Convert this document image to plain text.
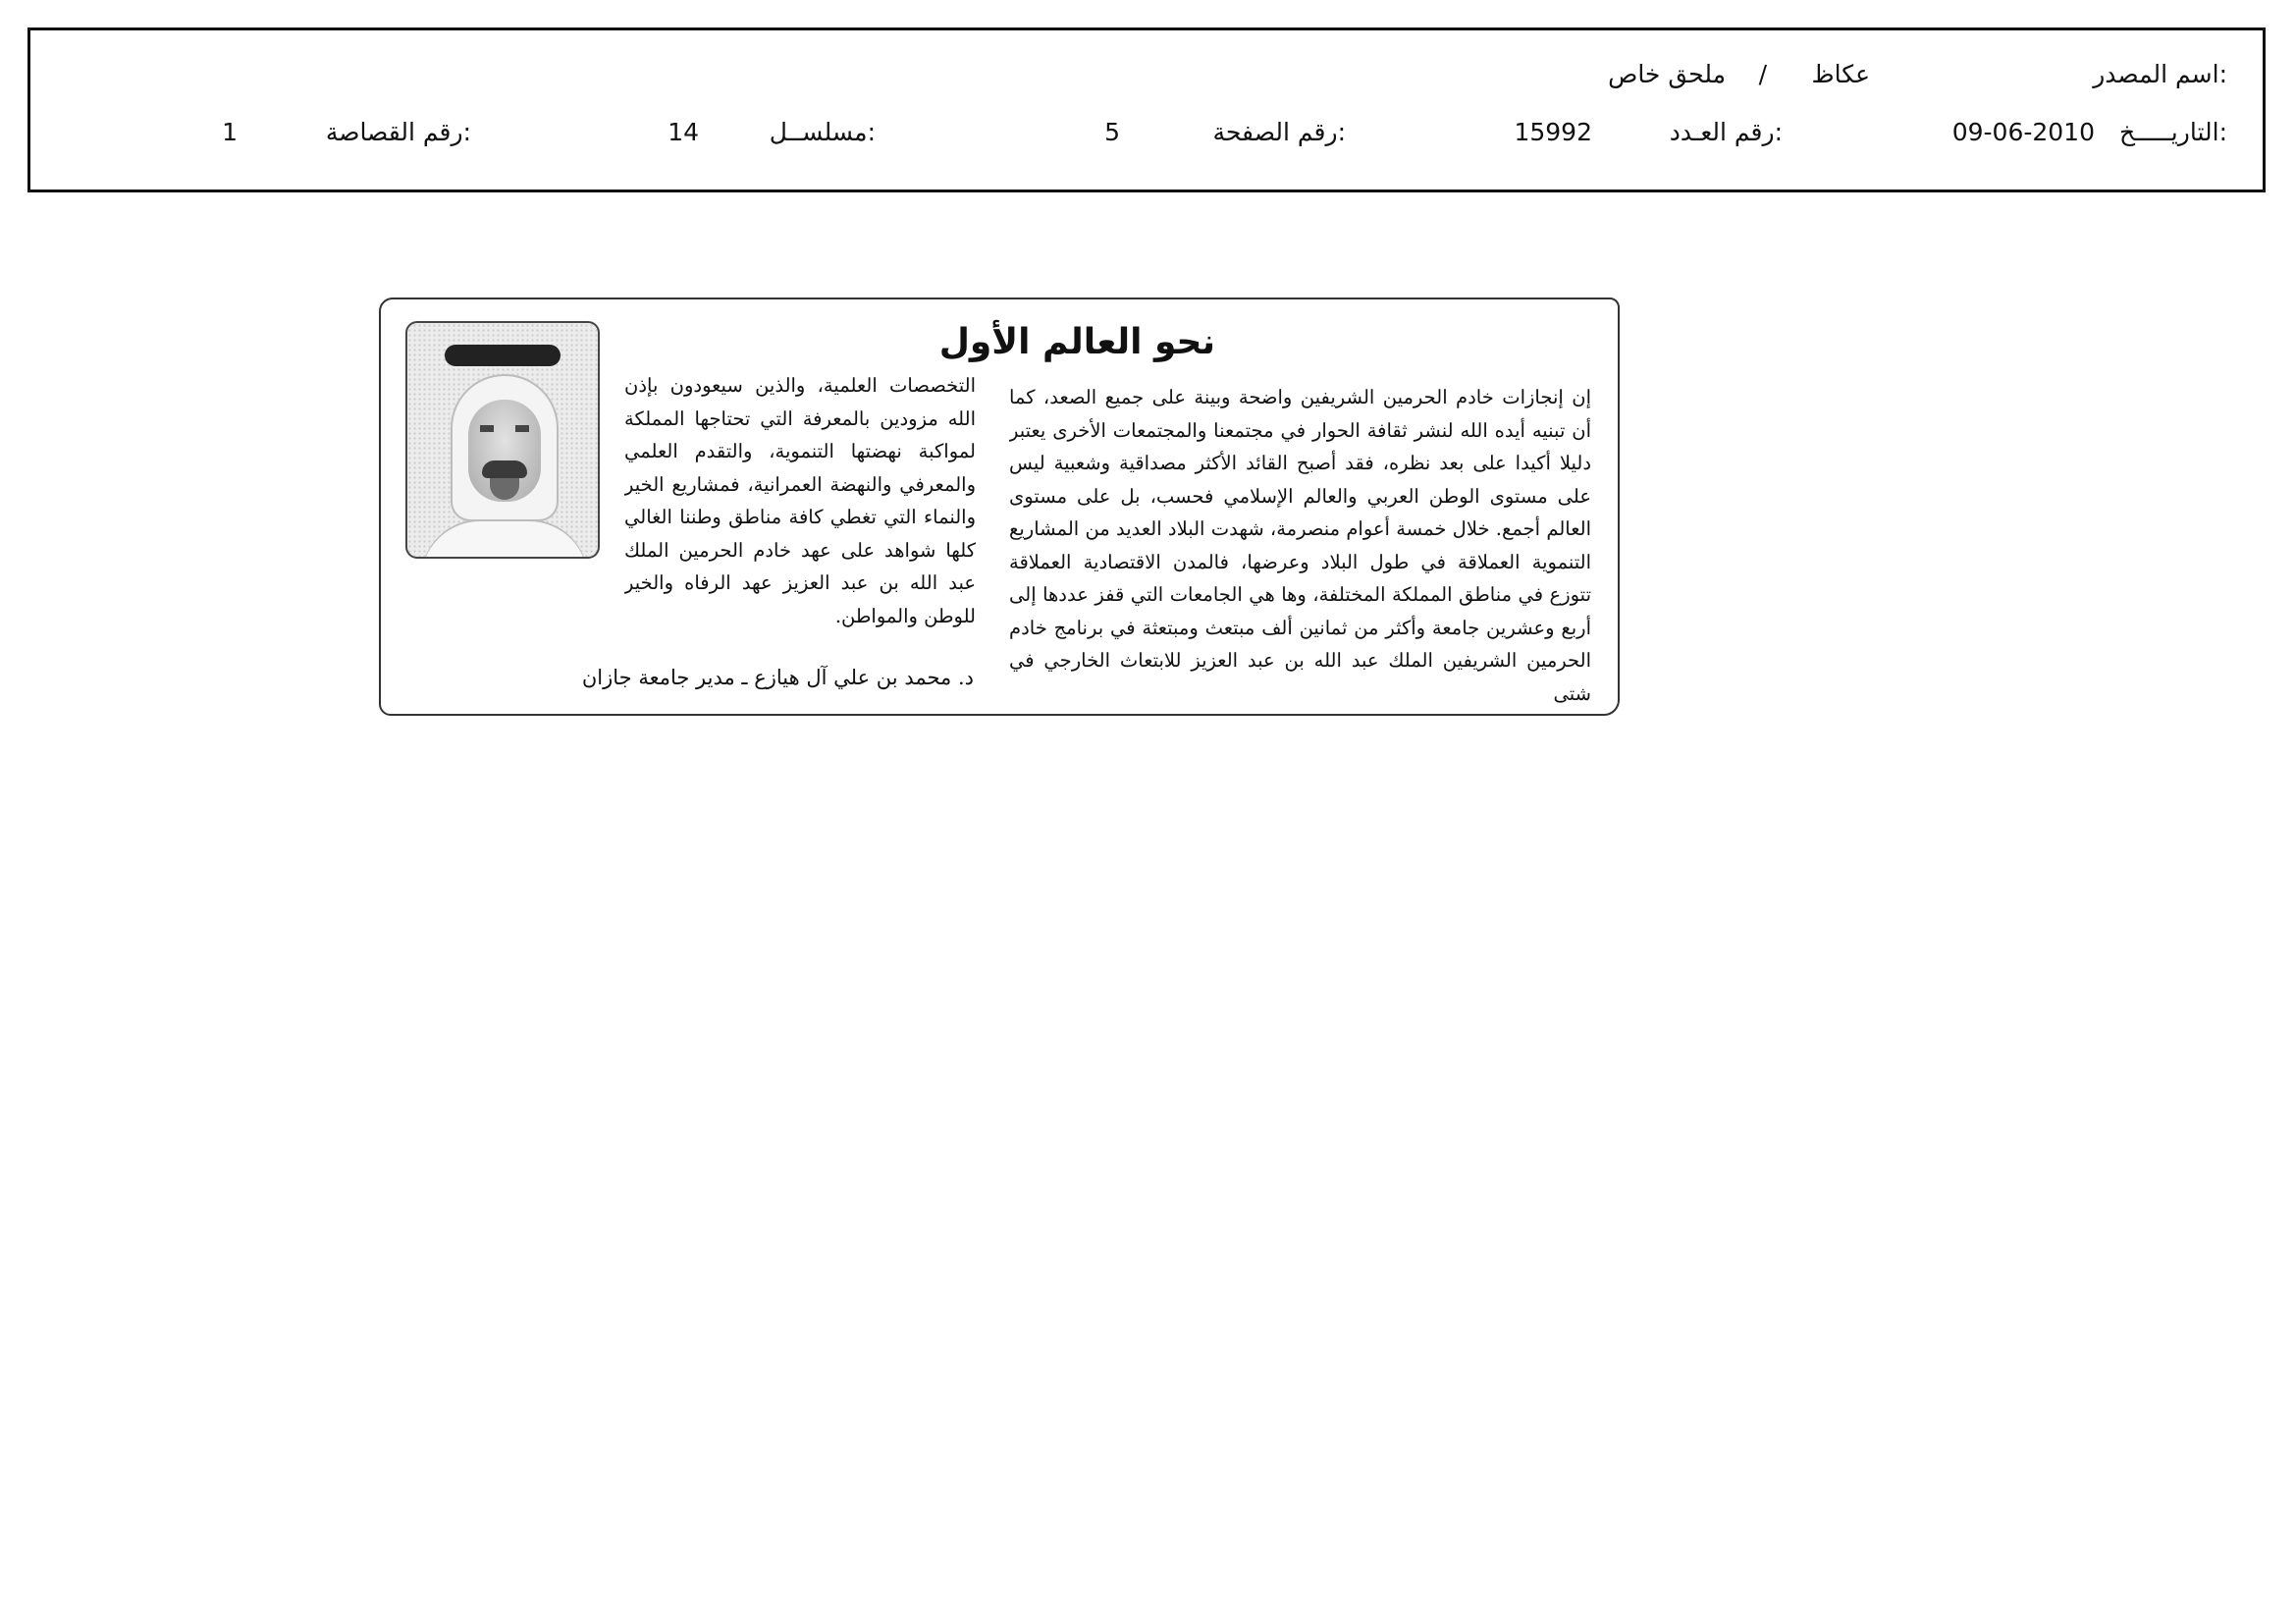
اسم المصدر:
عكاظ
/
ملحق خاص
التاريـــــخ:
09-06-2010
رقم العـدد:
15992
رقم الصفحة:
5
مسلســل:
14
رقم القصاصة:
1
نحو العالم الأول

إن إنجازات خادم الحرمين الشريفين واضحة وبينة على جميع الصعد، كما أن تبنيه أيده الله لنشر ثقافة الحوار في مجتمعنا والمجتمعات الأخرى يعتبر دليلا أكيدا على بعد نظره، فقد أصبح القائد الأكثر مصداقية وشعبية ليس على مستوى الوطن العربي والعالم الإسلامي فحسب، بل على مستوى العالم أجمع. خلال خمسة أعوام منصرمة، شهدت البلاد العديد من المشاريع التنموية العملاقة في طول البلاد وعرضها، فالمدن الاقتصادية العملاقة تتوزع في مناطق المملكة المختلفة، وها هي الجامعات التي قفز عددها إلى أربع وعشرين جامعة وأكثر من ثمانين ألف مبتعث ومبتعثة في برنامج خادم الحرمين الشريفين الملك عبد الله بن عبد العزيز للابتعاث الخارجي في شتى

التخصصات العلمية، والذين سيعودون بإذن الله مزودين بالمعرفة التي تحتاجها المملكة لمواكبة نهضتها التنموية، والتقدم العلمي والمعرفي والنهضة العمرانية، فمشاريع الخير والنماء التي تغطي كافة مناطق وطننا الغالي كلها شواهد على عهد خادم الحرمين الملك عبد الله بن عبد العزيز عهد الرفاه والخير للوطن والمواطن.

د. محمد بن علي آل هيازع ـ مدير جامعة جازان
